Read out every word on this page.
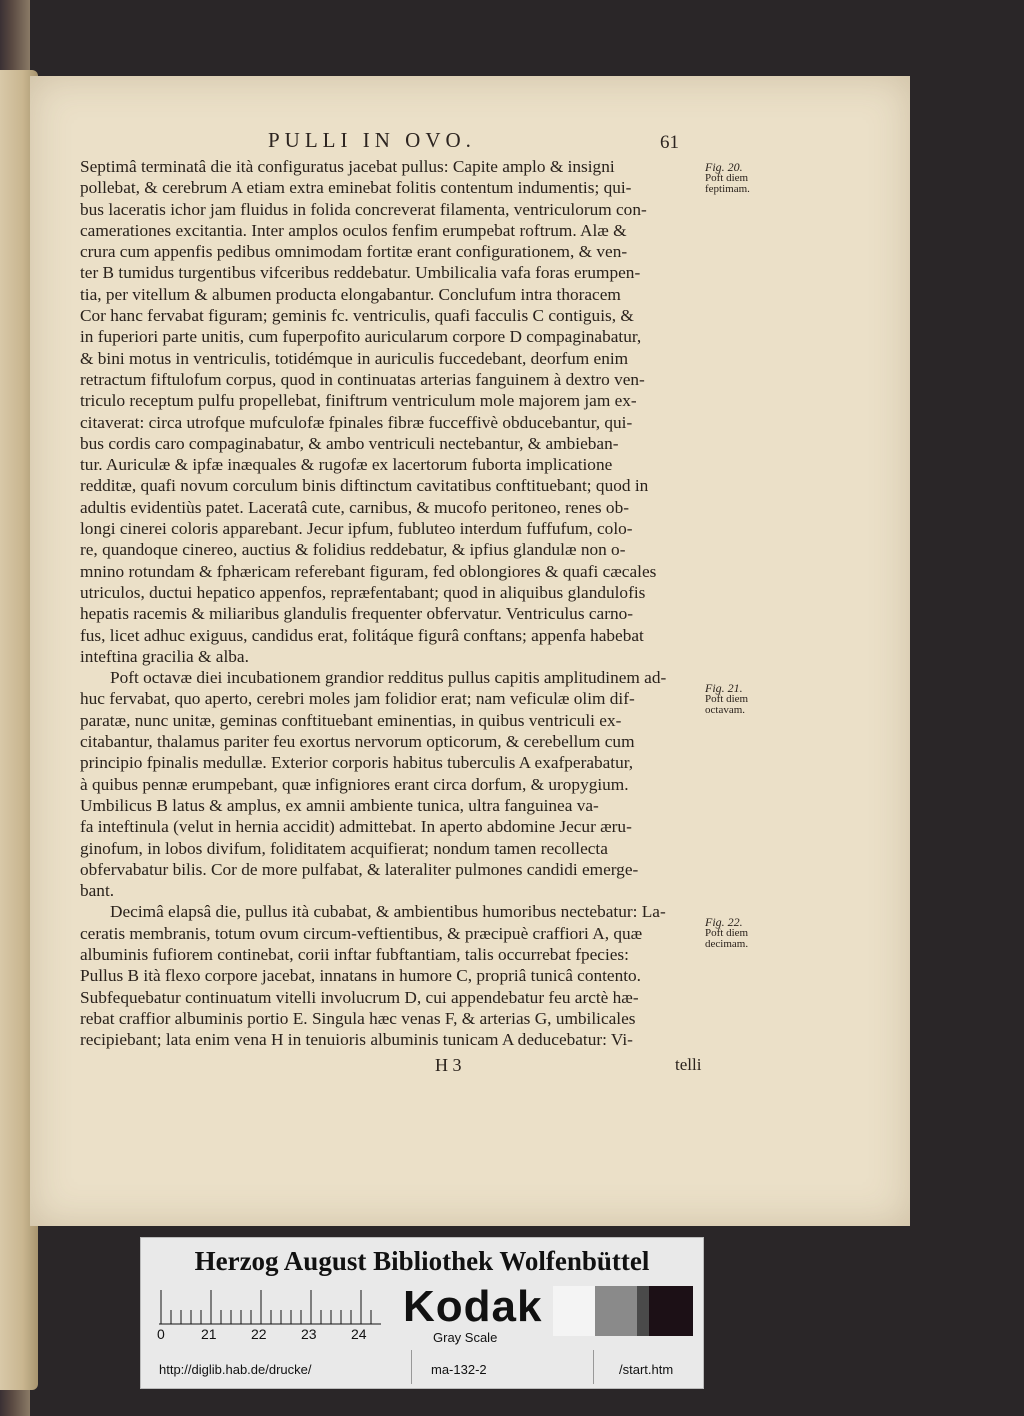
PULLI IN OVO.	61

Septimâ terminatâ die ità configuratus jacebat pullus: Capite amplo & insigni
pollebat, & cerebrum A etiam extra eminebat folitis contentum indumentis; qui-
bus laceratis ichor jam fluidus in folida concreverat filamenta, ventriculorum con-
camerationes excitantia. Inter amplos oculos fenfim erumpebat roftrum. Alæ &
crura cum appenfis pedibus omnimodam fortitæ erant configurationem, & ven-
ter B tumidus turgentibus vifceribus reddebatur. Umbilicalia vafa foras erumpen-
tia, per vitellum & albumen producta elongabantur. Conclufum intra thoracem
Cor hanc fervabat figuram; geminis fc. ventriculis, quafi facculis C contiguis, &
in fuperiori parte unitis, cum fuperpofito auricularum corpore D compaginabatur,
& bini motus in ventriculis, totidémque in auriculis fuccedebant, deorfum enim
retractum fiftulofum corpus, quod in continuatas arterias fanguinem à dextro ven-
triculo receptum pulfu propellebat, finiftrum ventriculum mole majorem jam ex-
citaverat: circa utrofque mufculofæ fpinales fibræ fucceffivè obducebantur, qui-
bus cordis caro compaginabatur, & ambo ventriculi nectebantur, & ambieban-
tur. Auriculæ & ipfæ inæquales & rugofæ ex lacertorum fuborta implicatione
redditæ, quafi novum corculum binis diftinctum cavitatibus conftituebant; quod in
adultis evidentiùs patet. Laceratâ cute, carnibus, & mucofo peritoneo, renes ob-
longi cinerei coloris apparebant. Jecur ipfum, fubluteo interdum fuffufum, colo-
re, quandoque cinereo, auctius & folidius reddebatur, & ipfius glandulæ non o-
mnino rotundam & fphæricam referebant figuram, fed oblongiores & quafi cæcales
utriculos, ductui hepatico appenfos, repræfentabant; quod in aliquibus glandulofis
hepatis racemis & miliaribus glandulis frequenter obfervatur. Ventriculus carno-
fus, licet adhuc exiguus, candidus erat, folitáque figurâ conftans; appenfa habebat
inteftina gracilia & alba.

Poft octavæ diei incubationem grandior redditus pullus capitis amplitudinem ad-
huc fervabat, quo aperto, cerebri moles jam folidior erat; nam veficulæ olim dif-
paratæ, nunc unitæ, geminas conftituebant eminentias, in quibus ventriculi ex-
citabantur, thalamus pariter feu exortus nervorum opticorum, & cerebellum cum
principio fpinalis medullæ. Exterior corporis habitus tuberculis A exafperabatur,
à quibus pennæ erumpebant, quæ infigniores erant circa dorfum, & uropygium.
Umbilicus B latus & amplus, ex amnii ambiente tunica, ultra fanguinea va-
fa inteftinula (velut in hernia accidit) admittebat. In aperto abdomine Jecur æru-
ginofum, in lobos divifum, foliditatem acquifierat; nondum tamen recollecta
obfervabatur bilis. Cor de more pulfabat, & lateraliter pulmones candidi emerge-
bant.

Decimâ elapsâ die, pullus ità cubabat, & ambientibus humoribus nectebatur: La-
ceratis membranis, totum ovum circum-veftientibus, & præcipuè craffiori A, quæ
albuminis fufiorem continebat, corii inftar fubftantiam, talis occurrebat fpecies:
Pullus B ità flexo corpore jacebat, innatans in humore C, propriâ tunicâ contento.
Subfequebatur continuatum vitelli involucrum D, cui appendebatur feu arctè hæ-
rebat craffior albuminis portio E. Singula hæc venas F, & arterias G, umbilicales
recipiebant; lata enim vena H in tenuioris albuminis tunicam A deducebatur: Vi-

Fig. 20.
Poft diem
feptimam.
Fig. 21.
Poft diem
octavam.
Fig. 22.
Poft diem
decimam.
H 3	telli
Herzog August Bibliothek Wolfenbüttel
0	21 22 23 24
Kodak
Gray Scale
http://diglib.hab.de/drucke/	ma-132-2	/start.htm
